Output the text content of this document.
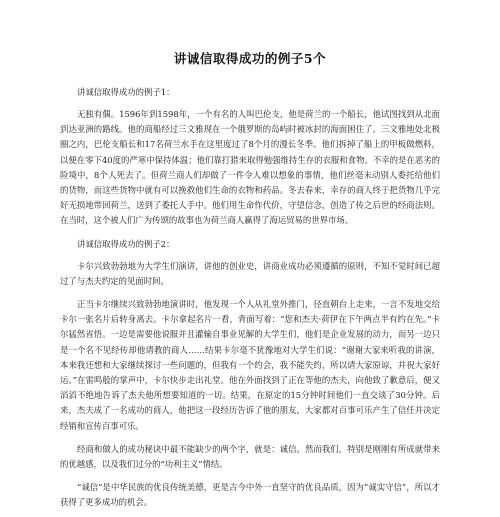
讲诚信取得成功的例子5个
讲诚信取得成功的例子1：

无独有偶。1596年到1598年，一个有名的人叫巴伦支，他是荷兰的一个船长，他试图找到从北面到达亚洲的路线。他的商船经过三文雅现在一个俄罗斯的岛屿时被冰封的海面困住了。三文雅地处北极圈之内，巴伦支船长和17名荷兰水手在这里度过了8个月的漫长冬季。他们拆掉了船上的甲板做燃料，以便在零下40度的严寒中保持体温；他们靠打猎来取得勉强维持生存的衣服和食物。不幸的是在恶劣的险境中，8个人死去了。但荷兰商人们却做了一件令人难以想象的事情，他们丝毫未动别人委托给他们的货物，而这些货物中就有可以挽救他们生命的衣物和药品。冬去春来，幸存的商人终于把货物几乎完好无损地带回荷兰，送到了委托人手中。他们用生命作代价，守望信念，创造了传之后世的经商法则。在当时，这个被人们广为传颂的故事也为荷兰商人赢得了海运贸易的世界市场。

讲诚信取得成功的例子2：

卡尔兴致勃勃地为大学生们演讲，讲他的创业史，讲商业成功必须遵循的原则，不知不觉时间已超过了与杰夫约定的见面时间。

正当卡尔继续兴致勃勃地演讲时，他发现一个人从礼堂外推门，径直朝台上走来，一言不发地交给卡尔一张名片后转身离去。卡尔拿起名片一看，背面写着：“您和杰夫·荷伊在下午两点半有约在先。”卡尔猛然省悟。一边是需要他说服并且灌输自事业见解的大学生们，他们是企业发展的动力，而另一边只是一个名不见经传却他请教的商人……结果卡尔毫不犹豫地对大学生们说：“谢谢大家来听我的讲演，本来我还想和大家继续探讨一些问题的，但我有一个约会，我不能失约，所以请大家原谅，并祝大家好运。”在雷鸣般的掌声中，卡尔快步走出礼堂。他在外面找到了正在等他的杰夫，向他致了歉意后，便又滔滔不绝地告诉了杰夫他所想要知道的一切。结果，在原定的15分钟时间他们一直交谈了30分钟。后来，杰夫成了一名成功的商人，他把这一段经历告诉了他的朋友，大家都对百事可乐产生了信任并决定经销和宣传百事可乐。

经商和做人的成功秘诀中最不能缺少的两个字，就是：诚信。然而我们，特别是刚刚有所成就带来的优越感，以及我们过分的“功利主义”情结。

“诚信”是中华民族的优良传统美德，更是古今中外一直坚守的优良品质，因为“诚实守信”，所以才获得了更多成功的机会。
